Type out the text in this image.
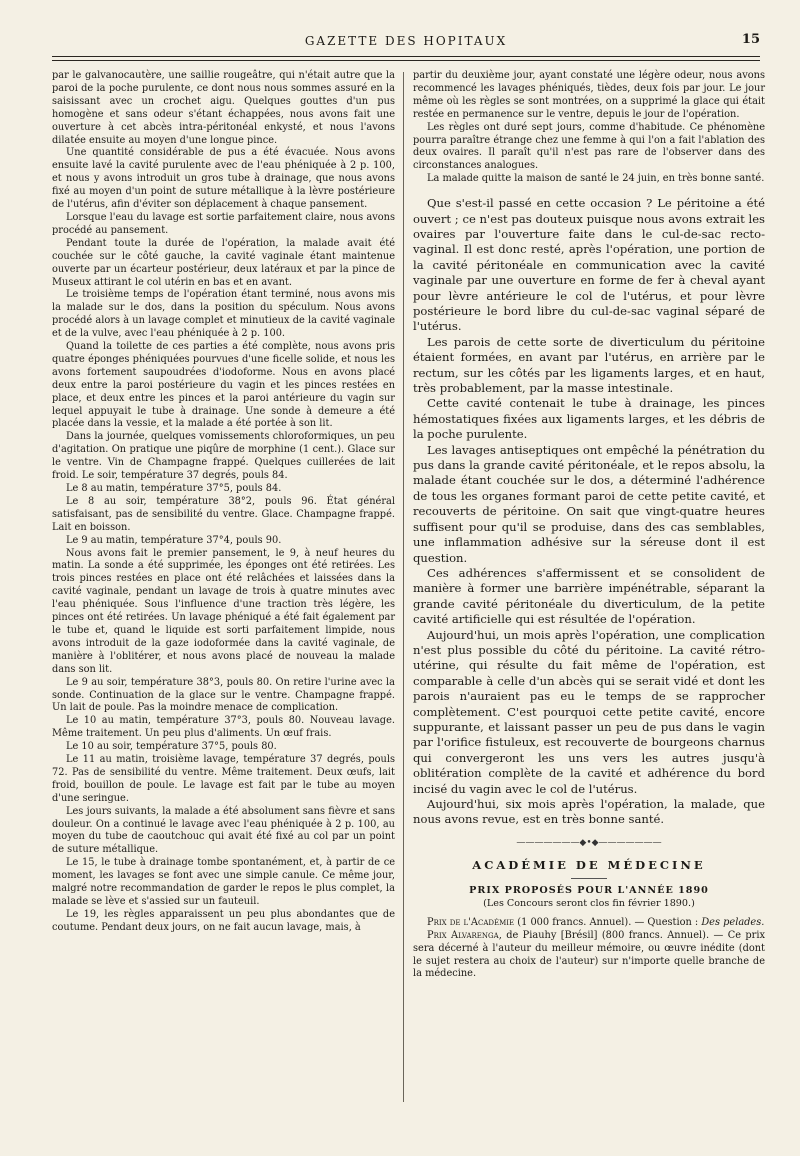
GAZETTE DES HOPITAUX	15

par le galvanocautère, une saillie rougeâtre, qui n'était autre que la paroi de la poche purulente, ce dont nous nous sommes assuré en la saisissant avec un crochet aigu. Quelques gouttes d'un pus homogène et sans odeur s'étant échappées, nous avons fait une ouverture à cet abcès intra-péritonéal enkysté, et nous l'avons dilatée ensuite au moyen d'une longue pince.

Une quantité considérable de pus a été évacuée. Nous avons ensuite lavé la cavité purulente avec de l'eau phéniquée à 2 p. 100, et nous y avons introduit un gros tube à drainage, que nous avons fixé au moyen d'un point de suture métallique à la lèvre postérieure de l'utérus, afin d'éviter son déplacement à chaque pansement.

Lorsque l'eau du lavage est sortie parfaitement claire, nous avons procédé au pansement.

Pendant toute la durée de l'opération, la malade avait été couchée sur le côté gauche, la cavité vaginale étant maintenue ouverte par un écarteur postérieur, deux latéraux et par la pince de Museux attirant le col utérin en bas et en avant.

Le troisième temps de l'opération étant terminé, nous avons mis la malade sur le dos, dans la position du spéculum. Nous avons procédé alors à un lavage complet et minutieux de la cavité vaginale et de la vulve, avec l'eau phéniquée à 2 p. 100.

Quand la toilette de ces parties a été complète, nous avons pris quatre éponges phéniquées pourvues d'une ficelle solide, et nous les avons fortement saupoudrées d'iodoforme. Nous en avons placé deux entre la paroi postérieure du vagin et les pinces restées en place, et deux entre les pinces et la paroi antérieure du vagin sur lequel appuyait le tube à drainage. Une sonde à demeure a été placée dans la vessie, et la malade a été portée à son lit.

Dans la journée, quelques vomissements chloroformiques, un peu d'agitation. On pratique une piqûre de morphine (1 cent.). Glace sur le ventre. Vin de Champagne frappé. Quelques cuillerées de lait froid. Le soir, température 37 degrés, pouls 84.

Le 8 au matin, température 37°5, pouls 84.

Le 8 au soir, température 38°2, pouls 96. État général satisfaisant, pas de sensibilité du ventre. Glace. Champagne frappé. Lait en boisson.

Le 9 au matin, température 37°4, pouls 90.

Nous avons fait le premier pansement, le 9, à neuf heures du matin. La sonde a été supprimée, les éponges ont été retirées. Les trois pinces restées en place ont été relâchées et laissées dans la cavité vaginale, pendant un lavage de trois à quatre minutes avec l'eau phéniquée. Sous l'influence d'une traction très légère, les pinces ont été retirées. Un lavage phéniqué a été fait également par le tube et, quand le liquide est sorti parfaitement limpide, nous avons introduit de la gaze iodoformée dans la cavité vaginale, de manière à l'oblitérer, et nous avons placé de nouveau la malade dans son lit.

Le 9 au soir, température 38°3, pouls 80. On retire l'urine avec la sonde. Continuation de la glace sur le ventre. Champagne frappé. Un lait de poule. Pas la moindre menace de complication.

Le 10 au matin, température 37°3, pouls 80. Nouveau lavage. Même traitement. Un peu plus d'aliments. Un œuf frais.

Le 10 au soir, température 37°5, pouls 80.

Le 11 au matin, troisième lavage, température 37 degrés, pouls 72. Pas de sensibilité du ventre. Même traitement. Deux œufs, lait froid, bouillon de poule. Le lavage est fait par le tube au moyen d'une seringue.

Les jours suivants, la malade a été absolument sans fièvre et sans douleur. On a continué le lavage avec l'eau phéniquée à 2 p. 100, au moyen du tube de caoutchouc qui avait été fixé au col par un point de suture métallique.

Le 15, le tube à drainage tombe spontanément, et, à partir de ce moment, les lavages se font avec une simple canule. Ce même jour, malgré notre recommandation de garder le repos le plus complet, la malade se lève et s'assied sur un fauteuil.

Le 19, les règles apparaissent un peu plus abondantes que de coutume. Pendant deux jours, on ne fait aucun lavage, mais, à

partir du deuxième jour, ayant constaté une légère odeur, nous avons recommencé les lavages phéniqués, tièdes, deux fois par jour. Le jour même où les règles se sont montrées, on a supprimé la glace qui était restée en permanence sur le ventre, depuis le jour de l'opération.

Les règles ont duré sept jours, comme d'habitude. Ce phénomène pourra paraître étrange chez une femme à qui l'on a fait l'ablation des deux ovaires. Il paraît qu'il n'est pas rare de l'observer dans des circonstances analogues.

La malade quitte la maison de santé le 24 juin, en très bonne santé.

Que s'est-il passé en cette occasion ? Le péritoine a été ouvert ; ce n'est pas douteux puisque nous avons extrait les ovaires par l'ouverture faite dans le cul-de-sac recto-vaginal. Il est donc resté, après l'opération, une portion de la cavité péritonéale en communication avec la cavité vaginale par une ouverture en forme de fer à cheval ayant pour lèvre antérieure le col de l'utérus, et pour lèvre postérieure le bord libre du cul-de-sac vaginal séparé de l'utérus.

Les parois de cette sorte de diverticulum du péritoine étaient formées, en avant par l'utérus, en arrière par le rectum, sur les côtés par les ligaments larges, et en haut, très probablement, par la masse intestinale.

Cette cavité contenait le tube à drainage, les pinces hémostatiques fixées aux ligaments larges, et les débris de la poche purulente.

Les lavages antiseptiques ont empêché la pénétration du pus dans la grande cavité péritonéale, et le repos absolu, la malade étant couchée sur le dos, a déterminé l'adhérence de tous les organes formant paroi de cette petite cavité, et recouverts de péritoine. On sait que vingt-quatre heures suffisent pour qu'il se produise, dans des cas semblables, une inflammation adhésive sur la séreuse dont il est question.

Ces adhérences s'affermissent et se consolident de manière à former une barrière impénétrable, séparant la grande cavité péritonéale du diverticulum, de la petite cavité artificielle qui est résultée de l'opération.

Aujourd'hui, un mois après l'opération, une complication n'est plus possible du côté du péritoine. La cavité rétro-utérine, qui résulte du fait même de l'opération, est comparable à celle d'un abcès qui se serait vidé et dont les parois n'auraient pas eu le temps de se rapprocher complètement. C'est pourquoi cette petite cavité, encore suppurante, et laissant passer un peu de pus dans le vagin par l'orifice fistuleux, est recouverte de bourgeons charnus qui convergeront les uns vers les autres jusqu'à oblitération complète de la cavité et adhérence du bord incisé du vagin avec le col de l'utérus.

Aujourd'hui, six mois après l'opération, la malade, que nous avons revue, est en très bonne santé.

———————◆•◆———————
ACADÉMIE DE MÉDECINE
PRIX PROPOSÉS POUR L'ANNÉE 1890
(Les Concours seront clos fin février 1890.)

Prix de l'Académie (1 000 francs. Annuel). — Question : Des pelades.

Prix Alvarenga, de Piauhy [Brésil] (800 francs. Annuel). — Ce prix sera décerné à l'auteur du meilleur mémoire, ou œuvre inédite (dont le sujet restera au choix de l'auteur) sur n'importe quelle branche de la médecine.
